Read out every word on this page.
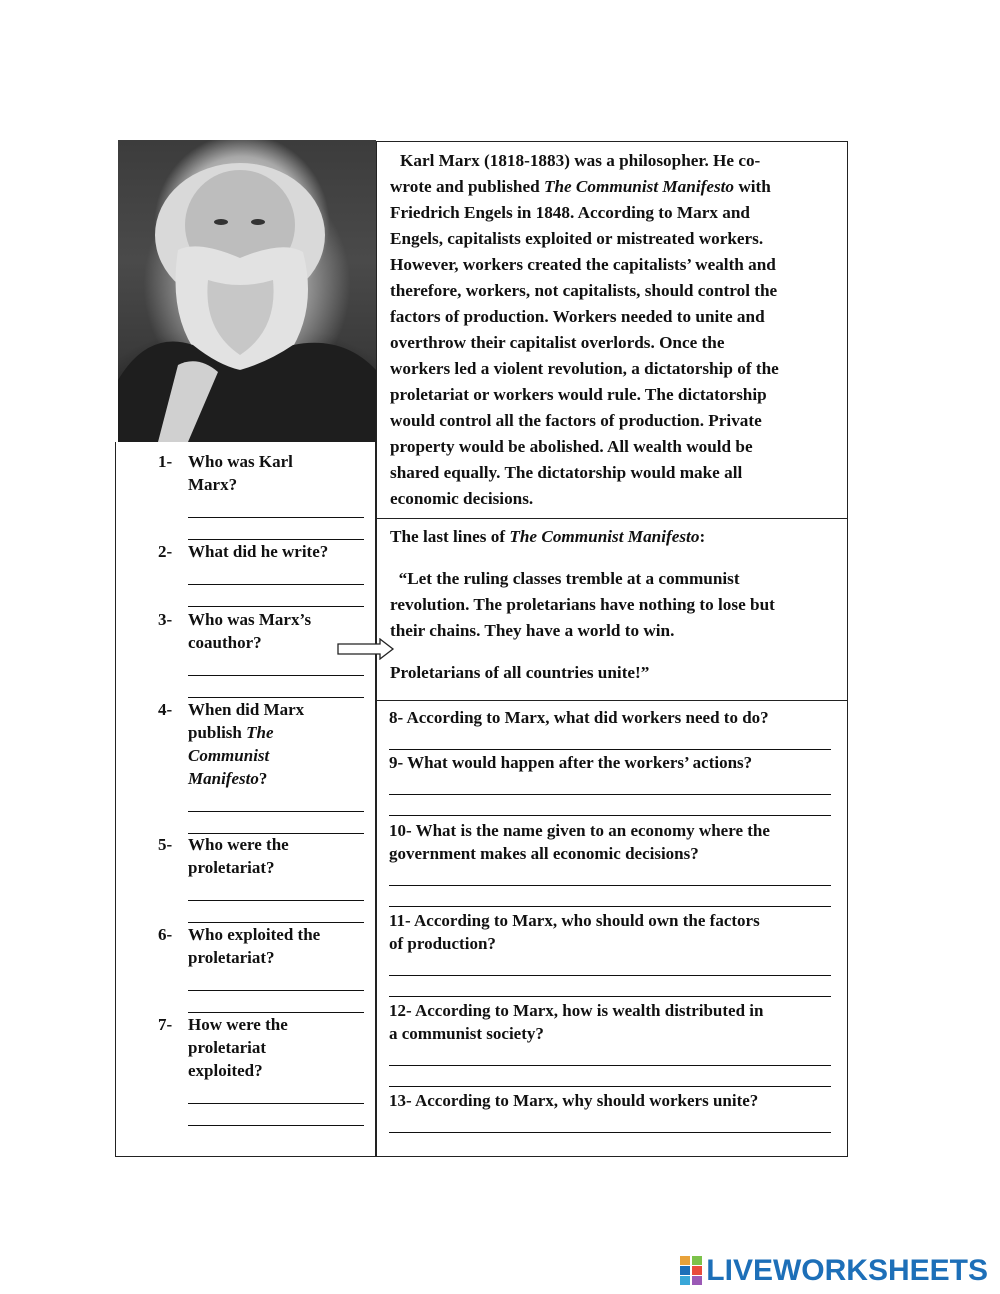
1- Who was Karl
Marx?
2- What did he write?
3- Who was Marx’s
coauthor?
4- When did Marx
publish The
Communist
Manifesto?
5- Who were the
proletariat?
6- Who exploited the
proletariat?
7- How were the
proletariat
exploited?
Karl Marx (1818-1883) was a philosopher. He co-
wrote and published The Communist Manifesto with
Friedrich Engels in 1848. According to Marx and
Engels, capitalists exploited or mistreated workers.
However, workers created the capitalists’ wealth and
therefore, workers, not capitalists, should control the
factors of production. Workers needed to unite and
overthrow their capitalist overlords. Once the
workers led a violent revolution, a dictatorship of the
proletariat or workers would rule. The dictatorship
would control all the factors of production. Private
property would be abolished. All wealth would be
shared equally. The dictatorship would make all
economic decisions.
The last lines of The Communist Manifesto:
“Let the ruling classes tremble at a communist
revolution. The proletarians have nothing to lose but
their chains. They have a world to win.
Proletarians of all countries unite!”
8- According to Marx, what did workers need to do?
9- What would happen after the workers’ actions?
10- What is the name given to an economy where the
government makes all economic decisions?
11- According to Marx, who should own the factors
of production?
12- According to Marx, how is wealth distributed in
a communist society?
13- According to Marx, why should workers unite?
LIVEWORKSHEETS
